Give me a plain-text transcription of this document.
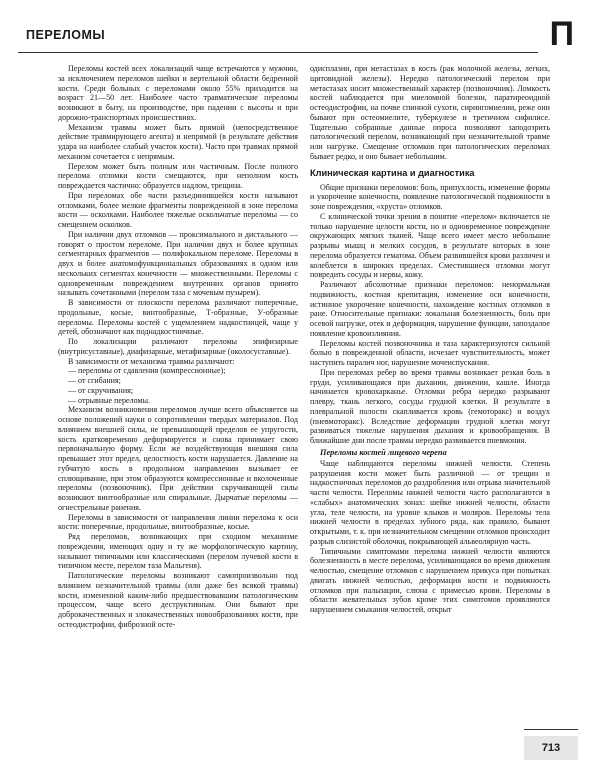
ПЕРЕЛОМЫ	П

Переломы костей всех локализаций чаще встречаются у мужчин, за исключением переломов шейки и вертельной области бедренной кости. Среди больных с переломами около 55% приходится на возраст 21—50 лет. Наиболее часто травматические переломы возникают в быту, на производстве, при падении с высоты и при дорожно-транспортных происшествиях.

Механизм травмы может быть прямой (непосредственное действие травмирующего агента) и непрямой (в результате действия удара на наиболее слабый участок кости). Часто при травмах прямой механизм сочетается с непрямым.

Перелом может быть полным или частичным. После полного перелома отломки кости смещаются, при неполном кость повреждается частично: образуется надлом, трещина.

При переломах обе части разъединившейся кости называют отломками, более мелкие фрагменты поврежденной в зоне перелома кости — осколками. Наиболее тяжелые оскольчатые переломы — со смещением осколков.

При наличии двух отломков — проксимального и дистального — говорят о простом переломе. При наличии двух и более крупных сегментарных фрагментов — полифокальном переломе. Переломы в двух и более анатомофункциональных образованиях в одном или нескольких сегментах конечности — множественными. Переломы с одновременным повреждением внутренних органов принято называть сочетанными (перелом таза с мочевым пузырем).

В зависимости от плоскости перелома различают поперечные, продольные, косые, винтообразные, Т-образные, У-образные переломы. Переломы костей с ущемлением надкостницей, чаще у детей, обозначают как поднадкостничные.

По локализации различают переломы эпифизарные (внутрисуставные), диафизарные, метафизарные (околосуставные).

В зависимости от механизма травмы различают:

— переломы от сдавления (компрессионные);

— от сгибания;

— от скручивания;

— отрывные переломы.

Механизм возникновения переломов лучше всего объясняется на основе положений науки о сопротивлении твердых материалов. Под влиянием внешней силы, не превышающей пределов ее упругости, кость кратковременно деформируется и снова принимает свою первоначальную форму. Если же воздействующая внешняя сила превышает этот предел, целостность кости нарушается. Давление на губчатую кость в продольном направлении вызывает ее сплющивание, при этом образуются компрессионные и вколоченные переломы (позвоночник). При действии скручивающей силы возникают винтообразные или спиральные. Дырчатые переломы — огнестрельные ранения.

Переломы в зависимости от направления линии перелома к оси кости: поперечные, продольные, винтообразные, косые.

Ряд переломов, возникающих при сходном механизме повреждения, имеющих одну и ту же морфологическую картину, называют типичными или классическими (перелом лучевой кости в типичном месте, перелом таза Мальгеня).

Патологические переломы возникают самопроизвольно под влиянием незначительной травмы (или даже без всякой травмы) кости, измененной каким-либо предшествовавшим патологическим процессом, чаще всего деструктивным. Они бывают при доброкачественных и злокачественных новообразованиях кости, при остеодистрофии, фиброзной осте-

одисплазии, при метастазах в кость (рак молочной железы, легких, щитовидной железы). Нередко патологический перелом при метастазах носит множественный характер (позвоночник). Ломкость костей наблюдается при миеломной болезни, паратиреоидной остеодистрофии, на почве спинной сухоти, сирингомиелии, реже они бывают при остеомиелите, туберкулезе и третичном сифилисе. Тщательно собранные данные опроса позволяют заподозрить патологический перелом, возникающий при незначительной травме или нагрузке. Смещение отломков при патологических переломах бывает редко, и оно бывает небольшим.

Клиническая картина и диагностика

Общие признаки переломов: боль, припухлость, изменение формы и укорочение конечности, появление патологической подвижности в зоне повреждения, «хруста» отломков.

С клинической точки зрения в понятие «перелом» включается не только нарушение целости кости, но и одновременное повреждение окружающих мягких тканей. Чаще всего имеет место небольшие разрывы мышц и мелких сосудов, в результате которых в зоне перелома образуется гематома. Объем развившейся крови различен и колеблется в широких пределах. Сместившиеся отломки могут повредить сосуды и нервы, кожу.

Различают абсолютные признаки переломов: ненормальная подвижность, костная крепитация, изменение оси конечности, истинное укорочение конечности, нахождение костных отломков в ране. Относительные признаки: локальная болезненность, боль при осевой нагрузке, отек и деформация, нарушение функции, запоздалое появление кровоизлияния.

Переломы костей позвоночника и таза характеризуются сильной болью в поврежденной области, исчезает чувствительность, может наступить паралич ног, нарушение мочеиспускания.

При переломах ребер во время травмы возникает резкая боль в груди, усиливающаяся при дыхании, движении, кашле. Иногда начинается кровохарканье. Отломки ребра нередко разрывают плевру, ткань легкого, сосуды грудной клетки. В результате в плевральной полости скапливается кровь (гемоторакс) и воздух (пневмоторакс). Вследствие деформации грудной клетки могут развиваться тяжелые нарушения дыхания и кровообращения. В ближайшие дни после травмы нередко развивается пневмония.

Переломы костей лицевого черепа

Чаще наблюдаются переломы нижней челюсти. Степень разрушения кости может быть различной — от трещин и надкостничных переломов до раздробления или отрыва значительной части челюсти. Переломы нижней челюсти часто располагаются в «слабых» анатомических зонах: шейке нижней челюсти, области угла, теле челюсти, на уровне клыков и моляров. Переломы тела нижней челюсти в пределах зубного ряда, как правило, бывают открытыми, т. к. при незначительном смещении отломков происходит разрыв слизистой оболочки, покрывающей альвеолярную часть.

Типичными симптомами перелома нижней челюсти являются болезненность в месте перелома, усиливающаяся во время движения челюстью, смещение отломков с нарушением прикуса при попытках двигать нижней челюстью, деформация кости и подвижность отломков при пальпации, слюна с примесью крови. Переломы в области жевательных зубов кроме этих симптомов проявляются нарушением смыкания челюстей, открыт

713
